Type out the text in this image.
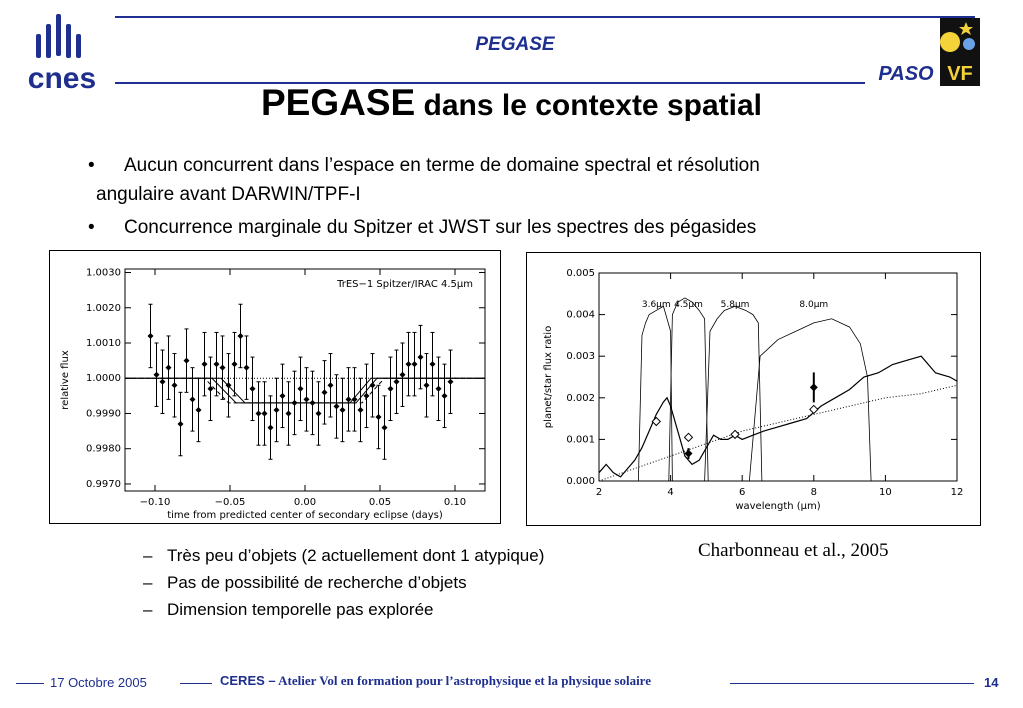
cnes
PEGASE
VF
PASO
PEGASE dans le contexte spatial
• Aucun concurrent dans l’espace en terme de domaine spectral et résolution
angulaire avant DARWIN/TPF-I
• Concurrence marginale du Spitzer et JWST sur les spectres des pégasides
−0.10	−0.05	0.00	0.05	0.10
1.0030
1.0020
1.0010
1.0000
0.9990
0.9980
0.9970
time from predicted center of secondary eclipse (days)
relative flux
TrES−1 Spitzer/IRAC 4.5μm
2	4	6	8	10	12
0.000
0.001
0.002
0.003
0.004
0.005
wavelength (μm)
planet/star flux ratio
3.6μm 4.5μm 5.8μm	8.0μm
Charbonneau et al., 2005
– Très peu d’objets (2 actuellement dont 1 atypique)
– Pas de possibilité de recherche d’objets
– Dimension temporelle pas explorée
17 Octobre 2005	CERES – Atelier Vol en formation pour l’astrophysique et la physique solaire	14
